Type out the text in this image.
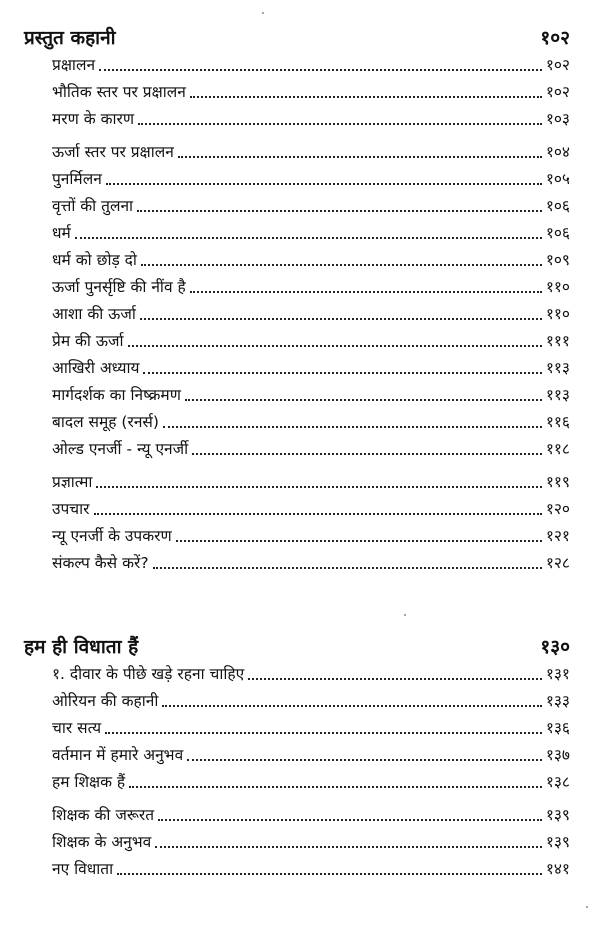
प्रस्तुत कहानी	१०२
प्रक्षालन	१०२
भौतिक स्तर पर प्रक्षालन	१०२
मरण के कारण	१०३
ऊर्जा स्तर पर प्रक्षालन	१०४
पुनर्मिलन	१०५
वृत्तों की तुलना	१०६
धर्म	१०६
धर्म को छोड़ दो	१०९
ऊर्जा पुनर्सृष्टि की नींव है	११०
आशा की ऊर्जा	११०
प्रेम की ऊर्जा	१११
आखिरी अध्याय	११३
मार्गदर्शक का निष्क्रमण	११३
बादल समूह (रनर्स)	११६
ओल्ड एनर्जी - न्यू एनर्जी	११८
प्रज्ञात्मा	११९
उपचार	१२०
न्यू एनर्जी के उपकरण	१२१
संकल्प कैसे करें?	१२८
हम ही विधाता हैं	१३०
१. दीवार के पीछे खड़े रहना चाहिए	१३१
ओरियन की कहानी	१३३
चार सत्य	१३६
वर्तमान में हमारे अनुभव	१३७
हम शिक्षक हैं	१३८
शिक्षक की जरूरत	१३९
शिक्षक के अनुभव	१३९
नए विधाता	१४१
